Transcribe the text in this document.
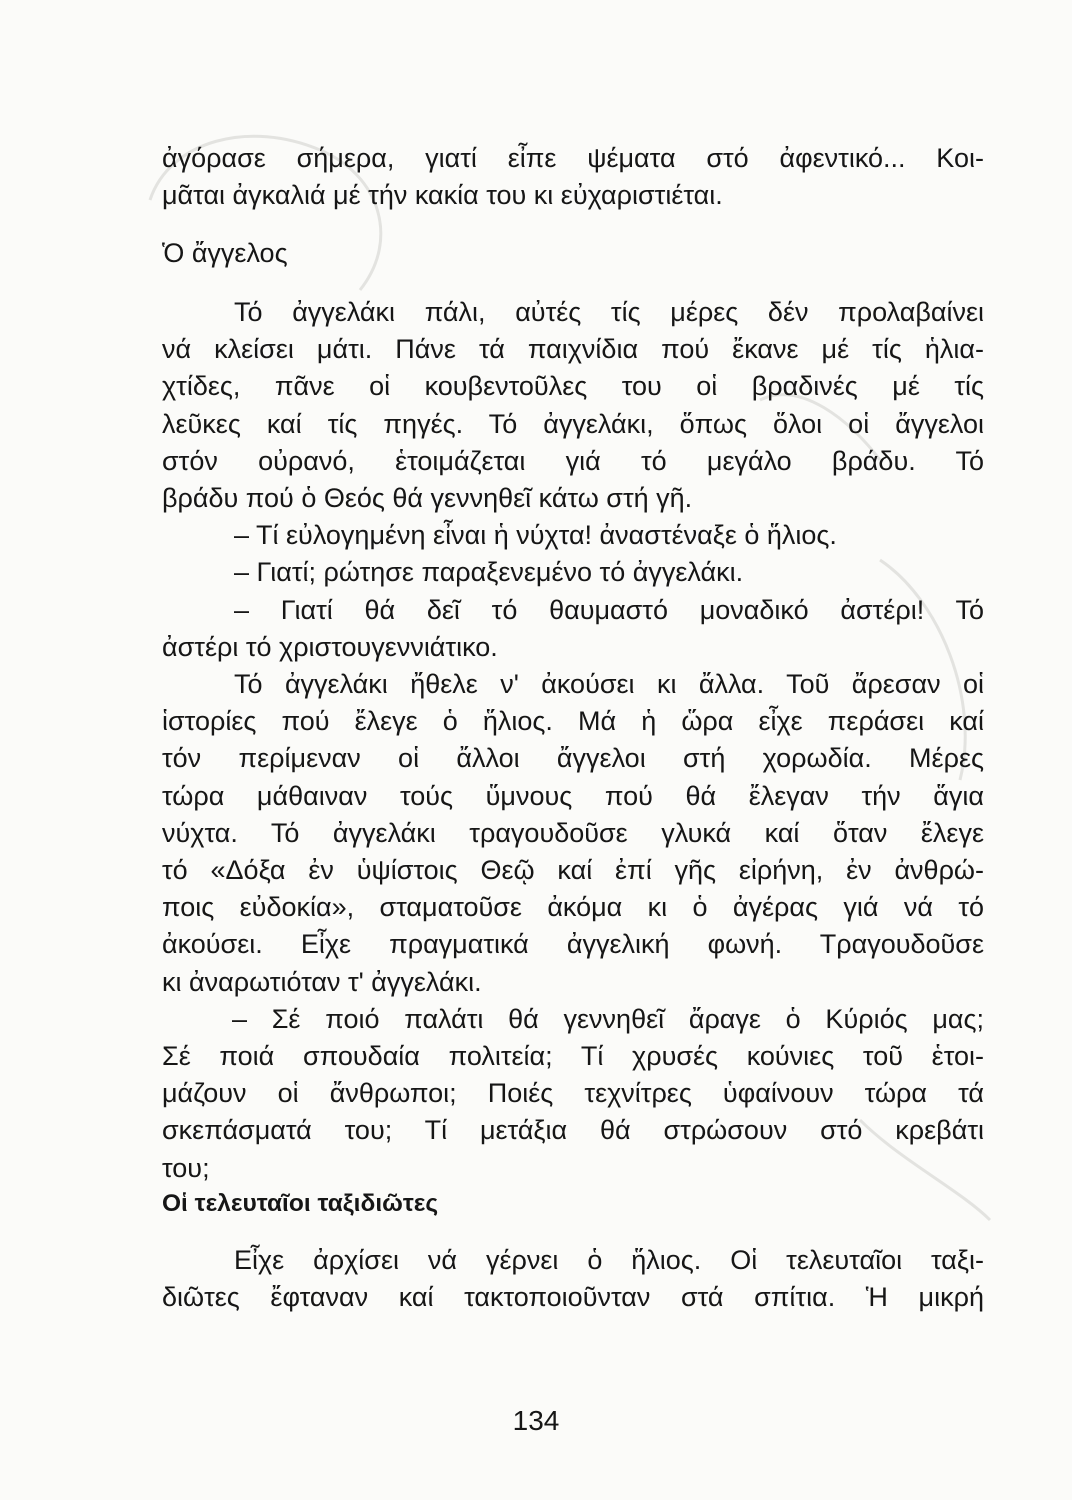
ἀγόρασε σήμερα, γιατί εἶπε ψέματα στό ἀφεντικό... Κοι-
μᾶται ἀγκαλιά μέ τήν κακία του κι εὐχαριστιέται.
Ὁ ἄγγελος
Τό ἀγγελάκι πάλι, αὐτές τίς μέρες δέν προλαβαίνει
νά κλείσει μάτι. Πάνε τά παιχνίδια πού ἔκανε μέ τίς ἡλια-
χτίδες, πᾶνε οἱ κουβεντοῦλες του οἱ βραδινές μέ τίς
λεῦκες καί τίς πηγές. Τό ἀγγελάκι, ὅπως ὅλοι οἱ ἄγγελοι
στόν οὐρανό, ἑτοιμάζεται γιά τό μεγάλο βράδυ. Τό
βράδυ πού ὁ Θεός θά γεννηθεῖ κάτω στή γῆ.
– Τί εὐλογημένη εἶναι ἡ νύχτα! ἀναστέναξε ὁ ἥλιος.
– Γιατί; ρώτησε παραξενεμένο τό ἀγγελάκι.
– Γιατί θά δεῖ τό θαυμαστό μοναδικό ἀστέρι! Τό
ἀστέρι τό χριστουγεννιάτικο.
Τό ἀγγελάκι ἤθελε ν' ἀκούσει κι ἄλλα. Τοῦ ἄρεσαν οἱ
ἱστορίες πού ἔλεγε ὁ ἥλιος. Μά ἡ ὥρα εἶχε περάσει καί
τόν περίμεναν οἱ ἄλλοι ἄγγελοι στή χορωδία. Μέρες
τώρα μάθαιναν τούς ὕμνους πού θά ἔλεγαν τήν ἅγια
νύχτα. Τό ἀγγελάκι τραγουδοῦσε γλυκά καί ὅταν ἔλεγε
τό «Δόξα ἐν ὑψίστοις Θεῷ καί ἐπί γῆς εἰρήνη, ἐν ἀνθρώ-
ποις εὐδοκία», σταματοῦσε ἀκόμα κι ὁ ἀγέρας γιά νά τό
ἀκούσει. Εἶχε πραγματικά ἀγγελική φωνή. Τραγουδοῦσε
κι ἀναρωτιόταν τ' ἀγγελάκι.
– Σέ ποιό παλάτι θά γεννηθεῖ ἄραγε ὁ Κύριός μας;
Σέ ποιά σπουδαία πολιτεία; Τί χρυσές κούνιες τοῦ ἑτοι-
μάζουν οἱ ἄνθρωποι; Ποιές τεχνίτρες ὑφαίνουν τώρα τά
σκεπάσματά του; Τί μετάξια θά στρώσουν στό κρεβάτι
του;
Οἱ τελευταῖοι ταξιδιῶτες
Εἶχε ἀρχίσει νά γέρνει ὁ ἥλιος. Οἱ τελευταῖοι ταξι-
διῶτες ἔφταναν καί τακτοποιοῦνταν στά σπίτια. Ἡ μικρή
134
